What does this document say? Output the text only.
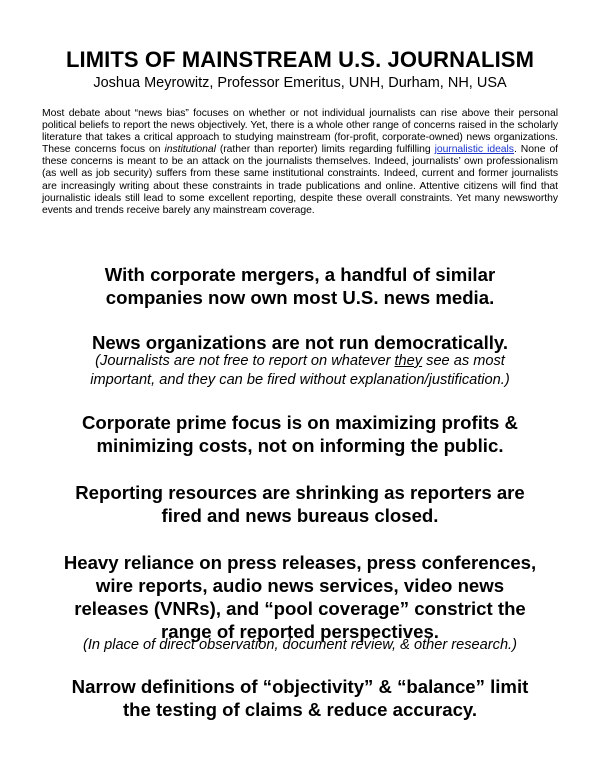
LIMITS OF MAINSTREAM U.S. JOURNALISM
Joshua Meyrowitz, Professor Emeritus, UNH, Durham, NH, USA
Most debate about “news bias” focuses on whether or not individual journalists can rise above their personal political beliefs to report the news objectively. Yet, there is a whole other range of concerns raised in the scholarly literature that takes a critical approach to studying mainstream (for-profit, corporate-owned) news organizations. These concerns focus on institutional (rather than reporter) limits regarding fulfilling journalistic ideals. None of these concerns is meant to be an attack on the journalists themselves. Indeed, journalists’ own professionalism (as well as job security) suffers from these same institutional constraints. Indeed, current and former journalists are increasingly writing about these constraints in trade publications and online. Attentive citizens will find that journalistic ideals still lead to some excellent reporting, despite these overall constraints. Yet many newsworthy events and trends receive barely any mainstream coverage.
With corporate mergers, a handful of similar
companies now own most U.S. news media.
News organizations are not run democratically.
(Journalists are not free to report on whatever they see as most
important, and they can be fired without explanation/justification.)
Corporate prime focus is on maximizing profits &
minimizing costs, not on informing the public.
Reporting resources are shrinking as reporters are
fired and news bureaus closed.
Heavy reliance on press releases, press conferences,
wire reports, audio news services, video news
releases (VNRs), and “pool coverage” constrict the
range of reported perspectives.
(In place of direct observation, document review, & other research.)
Narrow definitions of “objectivity” & “balance” limit
the testing of claims & reduce accuracy.
